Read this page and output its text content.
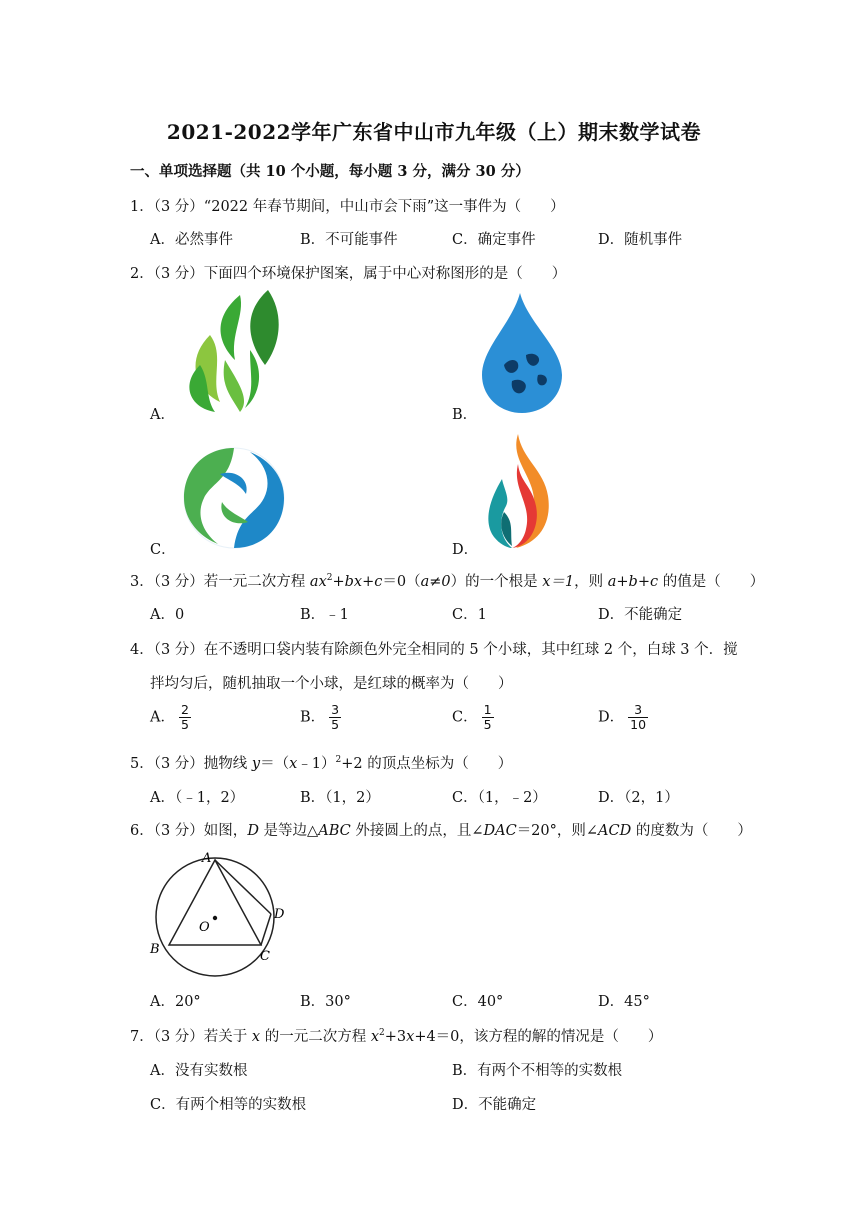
2021-2022学年广东省中山市九年级（上）期末数学试卷
一、单项选择题（共 10 个小题，每小题 3 分，满分 30 分）
1．（3 分）“2022 年春节期间，中山市会下雨”这一事件为（　　）
A．必然事件	B．不可能事件	C．确定事件	D．随机事件
2．（3 分）下面四个环境保护图案，属于中心对称图形的是（　　）
A．	B．
C．	D．
3．（3 分）若一元二次方程 $ax^2+bx+c=0(a\ne 0)$的一个根是 x＝1，则 a+b+c 的值是（　　）
A．0	B．﹣1	C．1	D．不能确定
4．（3 分）在不透明口袋内装有除颜色外完全相同的 5 个小球，其中红球 2 个，白球 3 个．搅
拌均匀后，随机抽取一个小球，是红球的概率为（　　）
A． $\frac{2}{5}$	B． $\frac{3}{5}$	C． $\frac{1}{5}$	D． $\frac{3}{10}$
5．（3 分）抛物线 y＝（x﹣1）$^2$+2 的顶点坐标为（　　）
A．（﹣1，2）	B．（1，2）	C．（1，﹣2）	D．（2，1）
6．（3 分）如图，D 是等边△ABC 外接圆上的点，且∠DAC＝20°，则∠ACD 的度数为（　　）
A
B	C
D
O
A．20°	B．30°	C．40°	D．45°
7．（3 分）若关于 x 的一元二次方程 $x^2+3x+4=0$，该方程的解的情况是（　　）
A．没有实数根	B．有两个不相等的实数根
C．有两个相等的实数根	D．不能确定
